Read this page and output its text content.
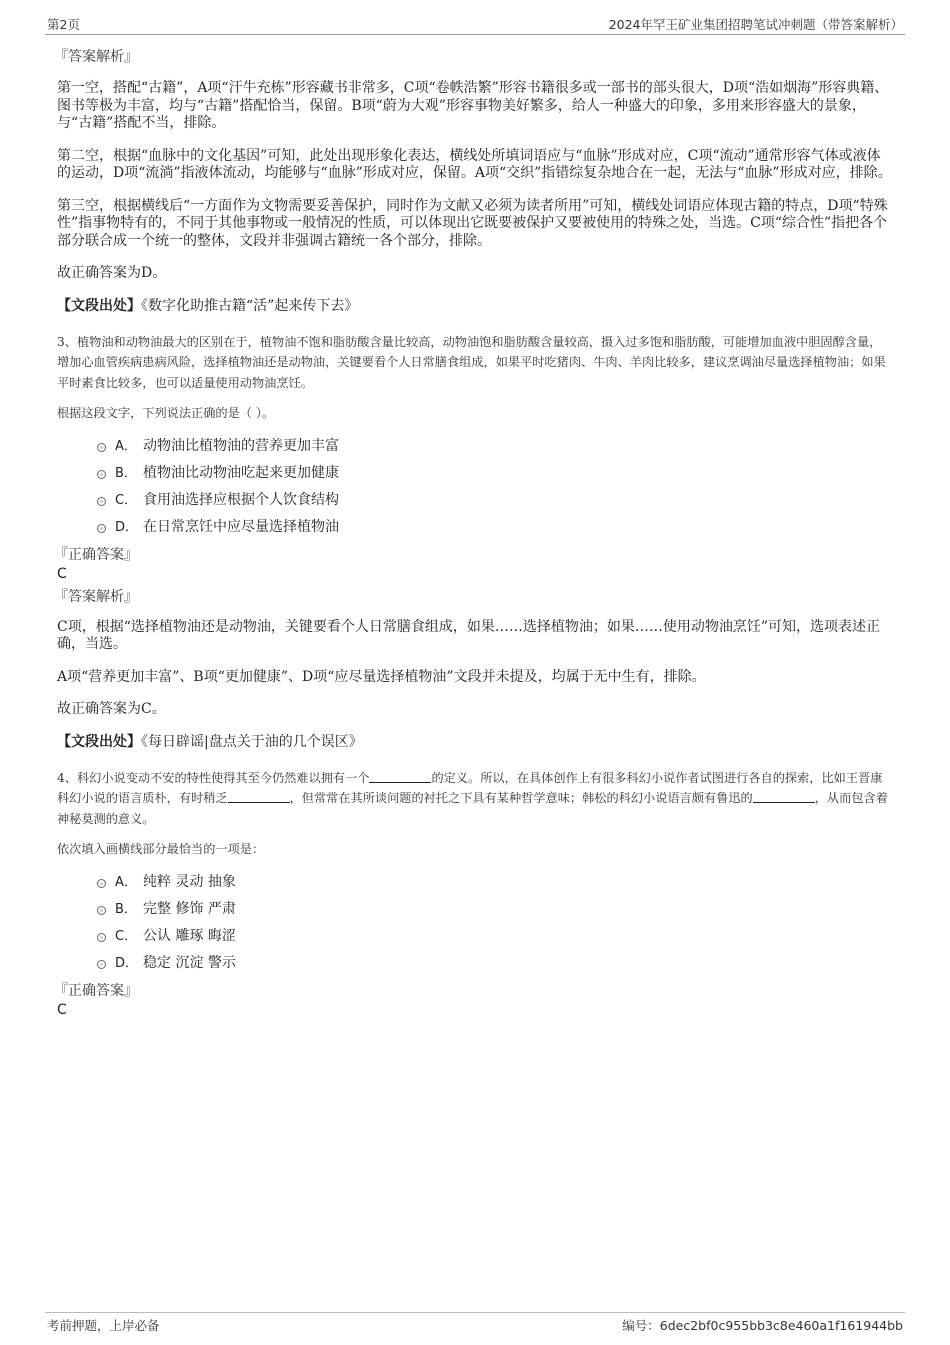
第2页	2024年罕王矿业集团招聘笔试冲刺题（带答案解析）
『答案解析』

第一空，搭配“古籍”，A项“汗牛充栋”形容藏书非常多，C项“卷帙浩繁”形容书籍很多或一部书的部头很大，D项“浩如烟海”形容典籍、图书等极为丰富，均与“古籍”搭配恰当，保留。B项“蔚为大观”形容事物美好繁多，给人一种盛大的印象，多用来形容盛大的景象，与“古籍”搭配不当，排除。

第二空，根据“血脉中的文化基因”可知，此处出现形象化表达，横线处所填词语应与“血脉”形成对应，C项“流动”通常形容气体或液体的运动，D项“流淌”指液体流动，均能够与“血脉”形成对应，保留。A项“交织”指错综复杂地合在一起，无法与“血脉”形成对应，排除。

第三空，根据横线后“一方面作为文物需要妥善保护，同时作为文献又必须为读者所用”可知，横线处词语应体现古籍的特点，D项“特殊性”指事物特有的，不同于其他事物或一般情况的性质，可以体现出它既要被保护又要被使用的特殊之处，当选。C项“综合性”指把各个部分联合成一个统一的整体，文段并非强调古籍统一各个部分，排除。

故正确答案为D。

【文段出处】《数字化助推古籍“活”起来传下去》

3、植物油和动物油最大的区别在于，植物油不饱和脂肪酸含量比较高，动物油饱和脂肪酸含量较高，摄入过多饱和脂肪酸，可能增加血液中胆固醇含量，增加心血管疾病患病风险，选择植物油还是动物油，关键要看个人日常膳食组成，如果平时吃猪肉、牛肉、羊肉比较多，建议烹调油尽量选择植物油；如果平时素食比较多，也可以适量使用动物油烹饪。

根据这段文字，下列说法正确的是（ ）。

A． 动物油比植物油的营养更加丰富
B． 植物油比动物油吃起来更加健康
C． 食用油选择应根据个人饮食结构
D． 在日常烹饪中应尽量选择植物油
『正确答案』
C
『答案解析』

C项，根据“选择植物油还是动物油，关键要看个人日常膳食组成，如果……选择植物油；如果……使用动物油烹饪”可知，选项表述正确，当选。

A项“营养更加丰富”、B项“更加健康”、D项“应尽量选择植物油”文段并未提及，均属于无中生有，排除。

故正确答案为C。

【文段出处】《每日辟谣|盘点关于油的几个误区》

4、科幻小说变动不安的特性使得其至今仍然难以拥有一个	的定义。所以，在具体创作上有很多科幻小说作者试图进行各自的探索，比如王晋康科幻小说的语言质朴，有时稍乏	，但常常在其所谈问题的衬托之下具有某种哲学意味；韩松的科幻小说语言颇有鲁迅的	，从而包含着神秘莫测的意义。

依次填入画横线部分最恰当的一项是：

A． 纯粹 灵动 抽象
B． 完整 修饰 严肃
C． 公认 雕琢 晦涩
D． 稳定 沉淀 警示
『正确答案』
C
考前押题，上岸必备	编号：6dec2bf0c955bb3c8e460a1f161944bb
